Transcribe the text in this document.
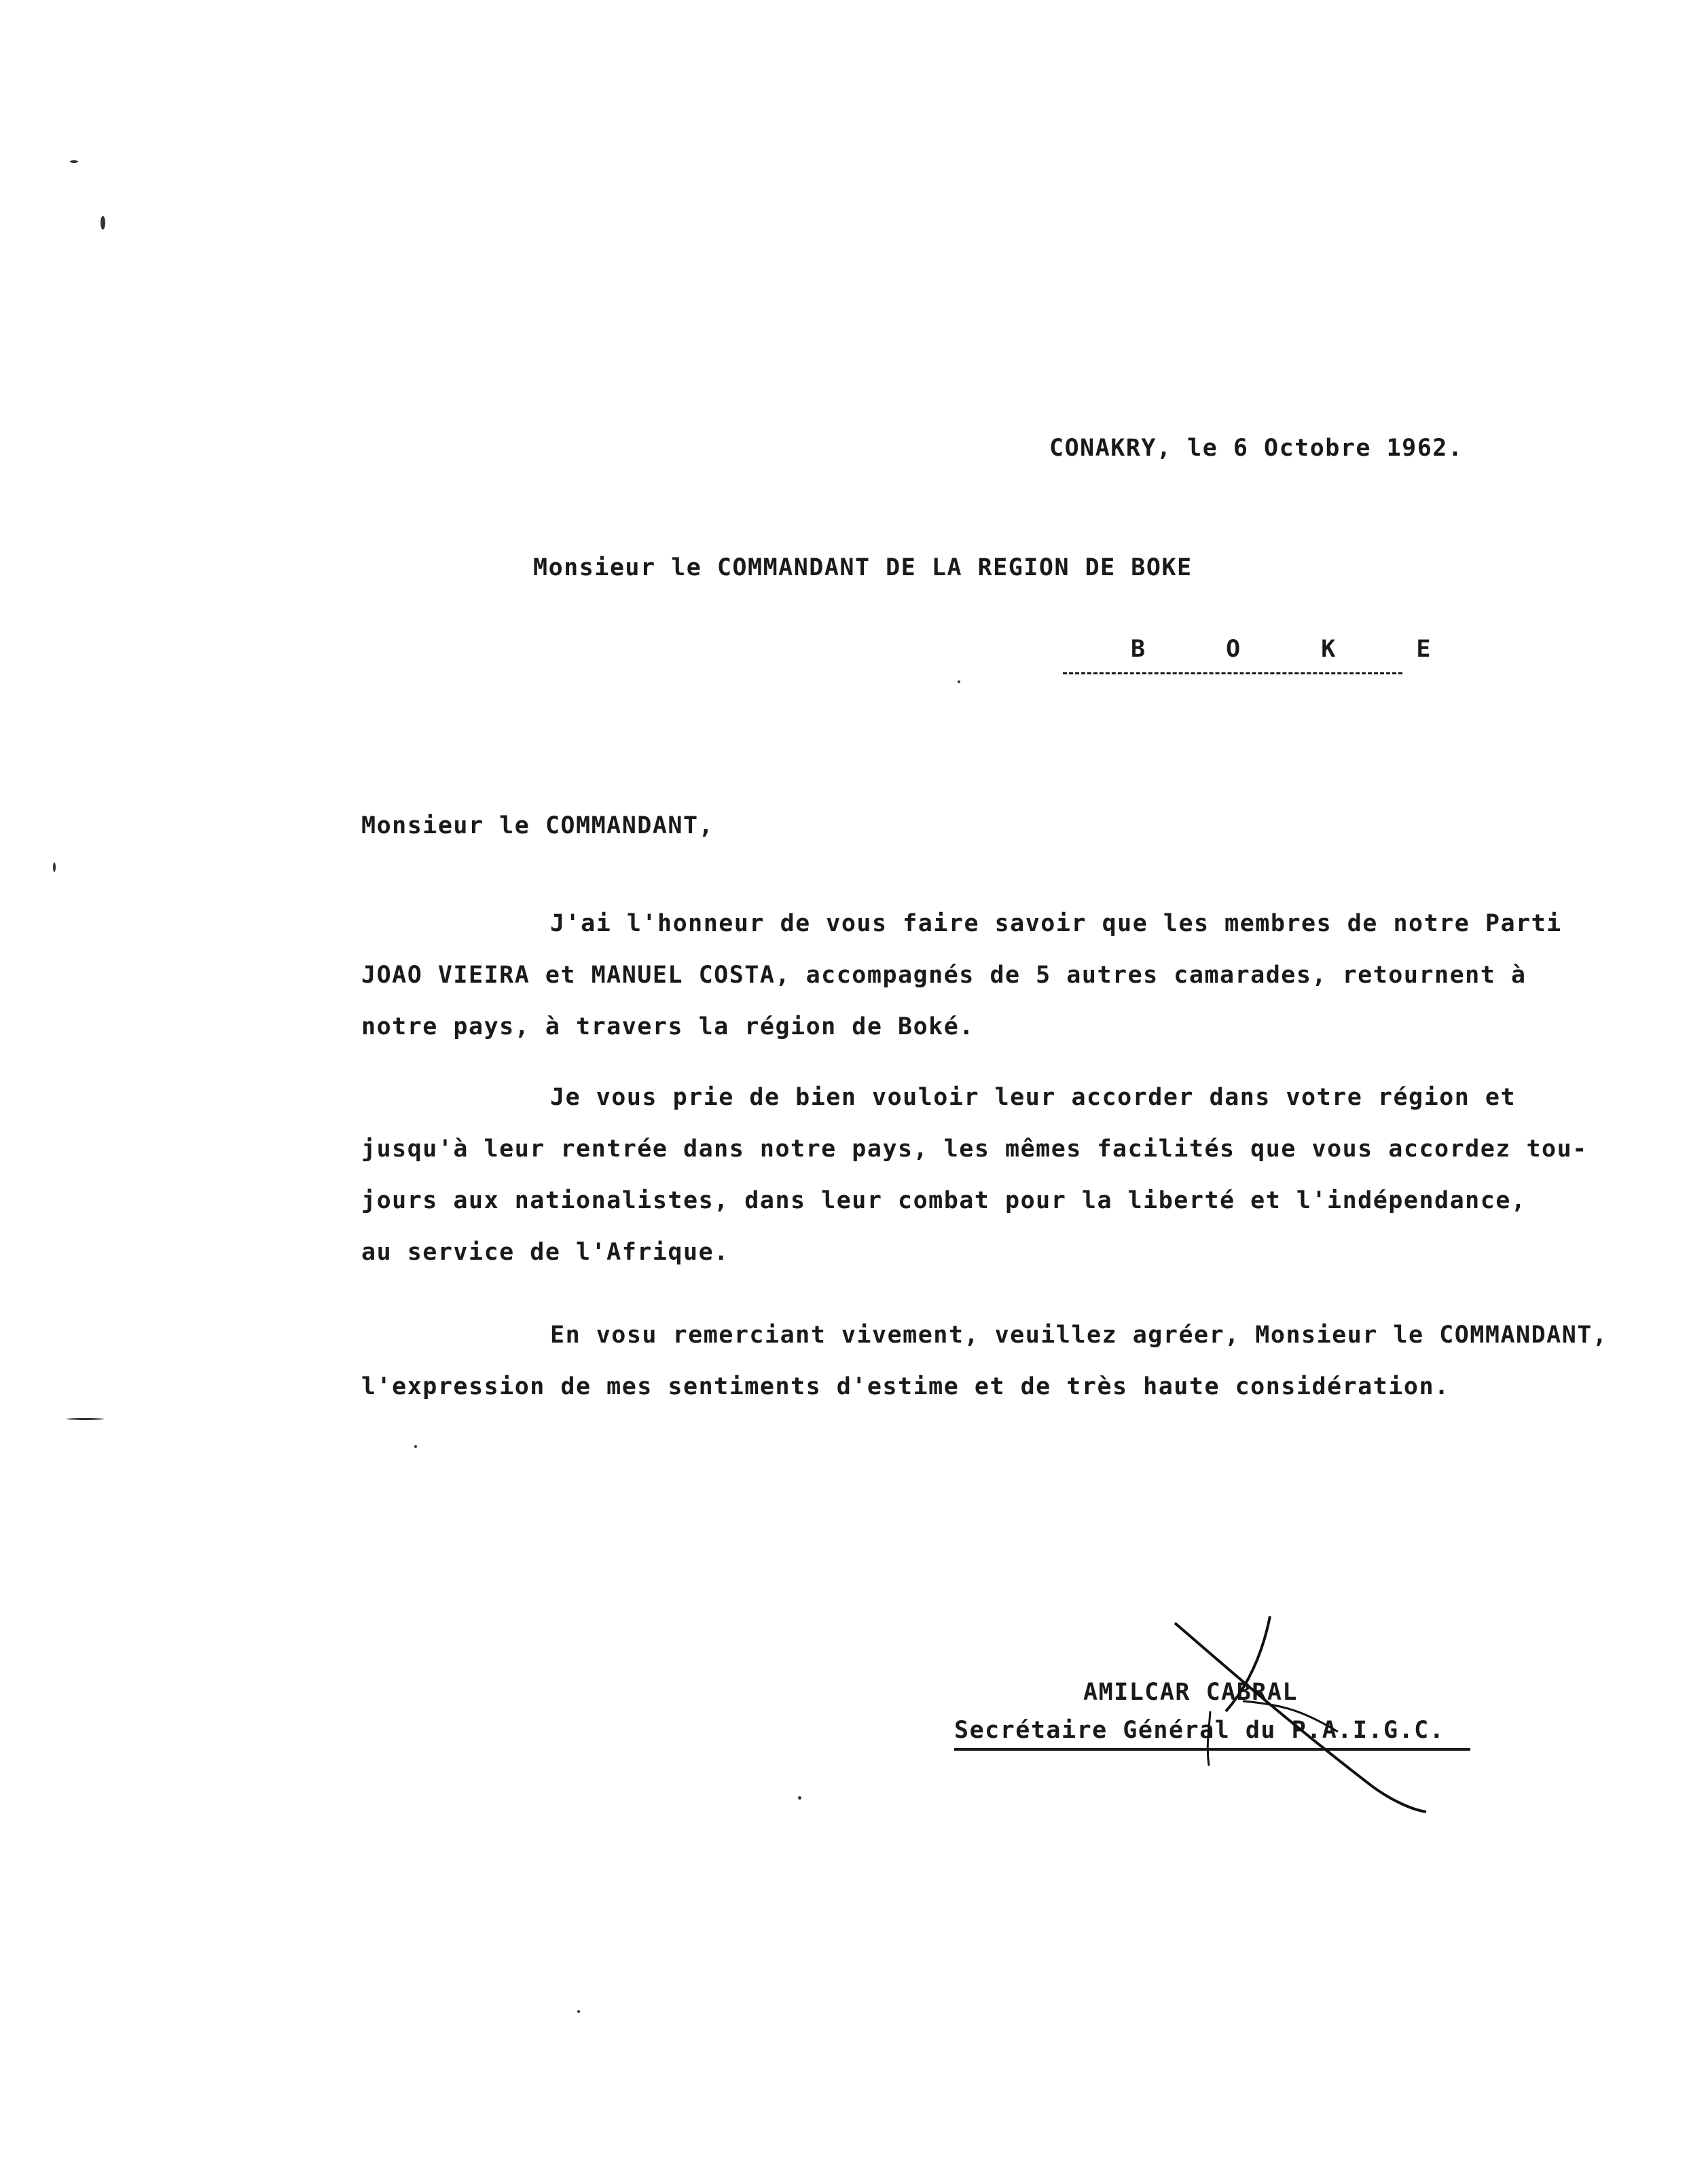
CONAKRY, le 6 Octobre 1962.
Monsieur le COMMANDANT DE LA REGION DE BOKE
B O K E
Monsieur le COMMANDANT,
J'ai l'honneur de vous faire savoir que les membres de notre Parti
JOAO VIEIRA et MANUEL COSTA, accompagnés de 5 autres camarades, retournent à
notre pays, à travers la région de Boké.
Je vous prie de bien vouloir leur accorder dans votre région et
jusqu'à leur rentrée dans notre pays, les mêmes facilités que vous accordez tou-
jours aux nationalistes, dans leur combat pour la liberté et l'indépendance,
au service de l'Afrique.
En vosu remerciant vivement, veuillez agréer, Monsieur le COMMANDANT,
l'expression de mes sentiments d'estime et de très haute considération.
AMILCAR CABRAL
Secrétaire Général du P.A.I.G.C.
